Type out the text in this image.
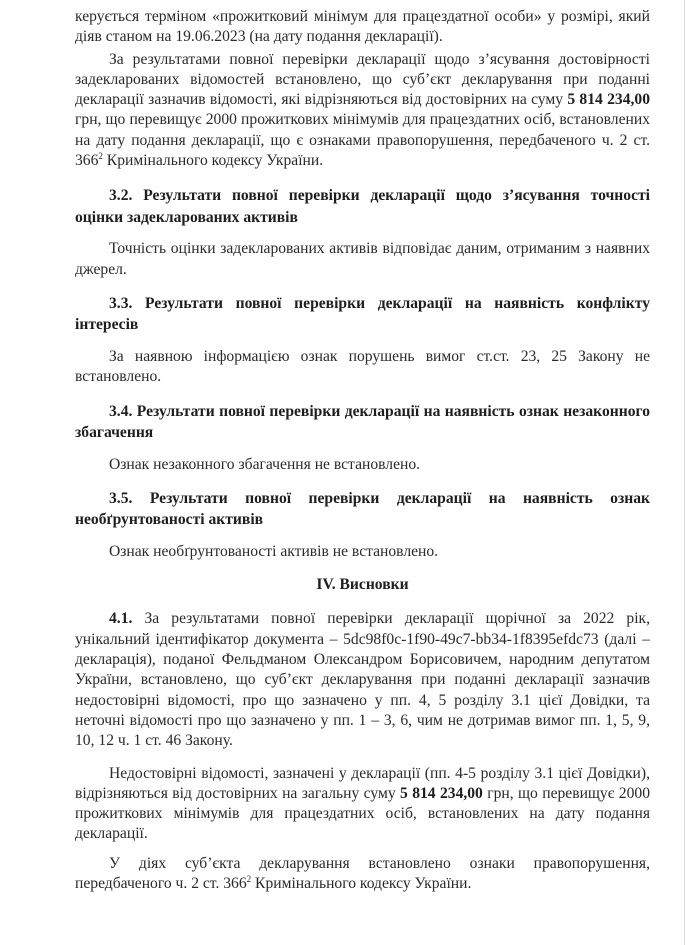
керується терміном «прожитковий мінімум для працездатної особи» у розмірі, який діяв станом на 19.06.2023 (на дату подання декларації).

За результатами повної перевірки декларації щодо з’ясування достовірності задекларованих відомостей встановлено, що суб’єкт декларування при поданні декларації зазначив відомості, які відрізняються від достовірних на суму 5 814 234,00 грн, що перевищує 2000 прожиткових мінімумів для працездатних осіб, встановлених на дату подання декларації, що є ознаками правопорушення, передбаченого ч. 2 ст. $366^2$ Кримінального кодексу України.

3.2. Результати повної перевірки декларації щодо з’ясування точності оцінки задекларованих активів

Точність оцінки задекларованих активів відповідає даним, отриманим з наявних джерел.

3.3. Результати повної перевірки декларації на наявність конфлікту інтересів

За наявною інформацією ознак порушень вимог ст.ст. 23, 25 Закону не встановлено.

3.4. Результати повної перевірки декларації на наявність ознак незаконного збагачення

Ознак незаконного збагачення не встановлено.

3.5. Результати повної перевірки декларації на наявність ознак необґрунтованості активів

Ознак необґрунтованості активів не встановлено.

IV. Висновки

4.1. За результатами повної перевірки декларації щорічної за 2022 рік, унікальний ідентифікатор документа – 5dc98f0c-1f90-49c7-bb34-1f8395efdc73 (далі – декларація), поданої Фельдманом Олександром Борисовичем, народним депутатом України, встановлено, що суб’єкт декларування при поданні декларації зазначив недостовірні відомості, про що зазначено у пп. 4, 5 розділу 3.1 цієї Довідки, та неточні відомості про що зазначено у пп. 1 – 3, 6, чим не дотримав вимог пп. 1, 5, 9, 10, 12 ч. 1 ст. 46 Закону.

Недостовірні відомості, зазначені у декларації (пп. 4-5 розділу 3.1 цієї Довідки), відрізняються від достовірних на загальну суму 5 814 234,00 грн, що перевищує 2000 прожиткових мінімумів для працездатних осіб, встановлених на дату подання декларації.

У діях суб’єкта декларування встановлено ознаки правопорушення, передбаченого ч. 2 ст. $366^2$ Кримінального кодексу України.
